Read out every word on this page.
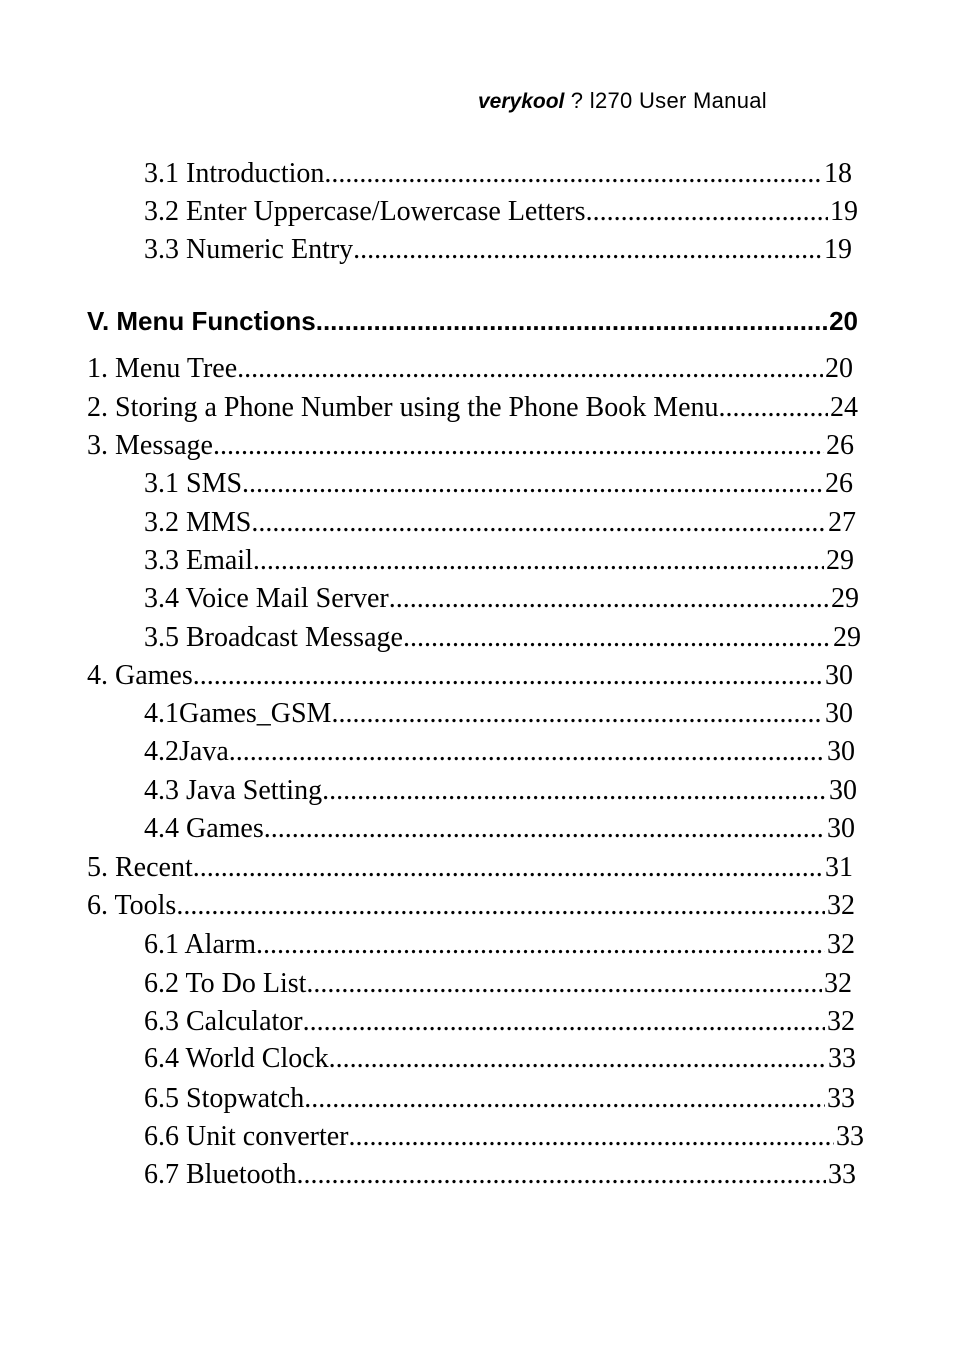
verykool ? l270 User Manual
3.1 Introduction .....	18
3.2 Enter Uppercase/Lowercase Letters .....	19
3.3 Numeric Entry .....	19
V. Menu Functions .....	20
1. Menu Tree .....	20
2. Storing a Phone Number using the Phone Book Menu .....	24
3. Message .....	26
3.1 SMS .....	26
3.2 MMS .....	27
3.3 Email .....	29
3.4 Voice Mail Server .....	29
3.5 Broadcast Message .....	29
4. Games .....	30
4.1Games_GSM .....	30
4.2Java .....	30
4.3 Java Setting .....	30
4.4 Games .....	30
5. Recent .....	31
6. Tools .....	32
6.1 Alarm .....	32
6.2 To Do List .....	32
6.3 Calculator .....	32
6.4 World Clock .....	33
6.5 Stopwatch .....	33
6.6 Unit converter .....	33
6.7 Bluetooth .....	33
